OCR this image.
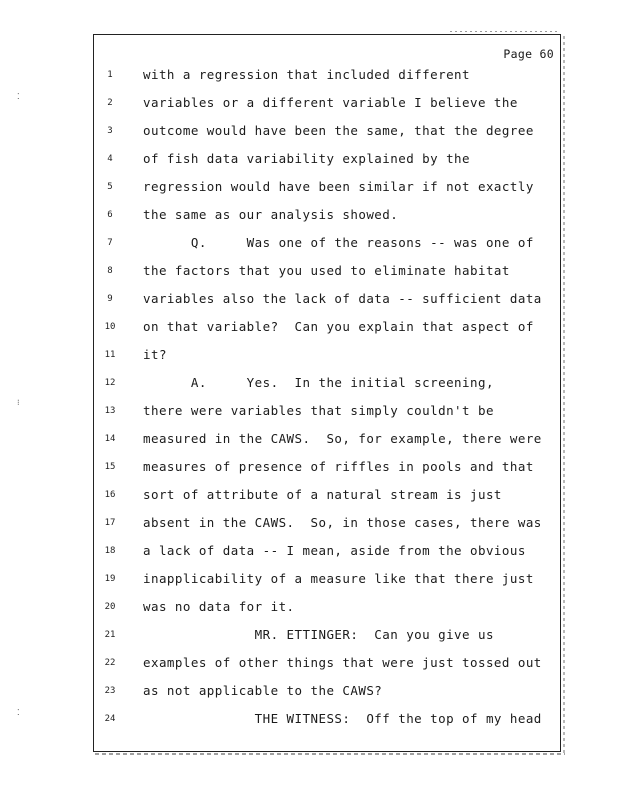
⁚
⁝
⁚
Page 60
1	with a regression that included different
2	variables or a different variable I believe the
3	outcome would have been the same, that the degree
4	of fish data variability explained by the
5	regression would have been similar if not exactly
6	the same as our analysis showed.
7	Q.     Was one of the reasons -- was one of
8	the factors that you used to eliminate habitat
9	variables also the lack of data -- sufficient data
10	on that variable?  Can you explain that aspect of
11	it?
12	A.     Yes.  In the initial screening,
13	there were variables that simply couldn't be
14	measured in the CAWS.  So, for example, there were
15	measures of presence of riffles in pools and that
16	sort of attribute of a natural stream is just
17	absent in the CAWS.  So, in those cases, there was
18	a lack of data -- I mean, aside from the obvious
19	inapplicability of a measure like that there just
20	was no data for it.
21	MR. ETTINGER:  Can you give us
22	examples of other things that were just tossed out
23	as not applicable to the CAWS?
24	THE WITNESS:  Off the top of my head
